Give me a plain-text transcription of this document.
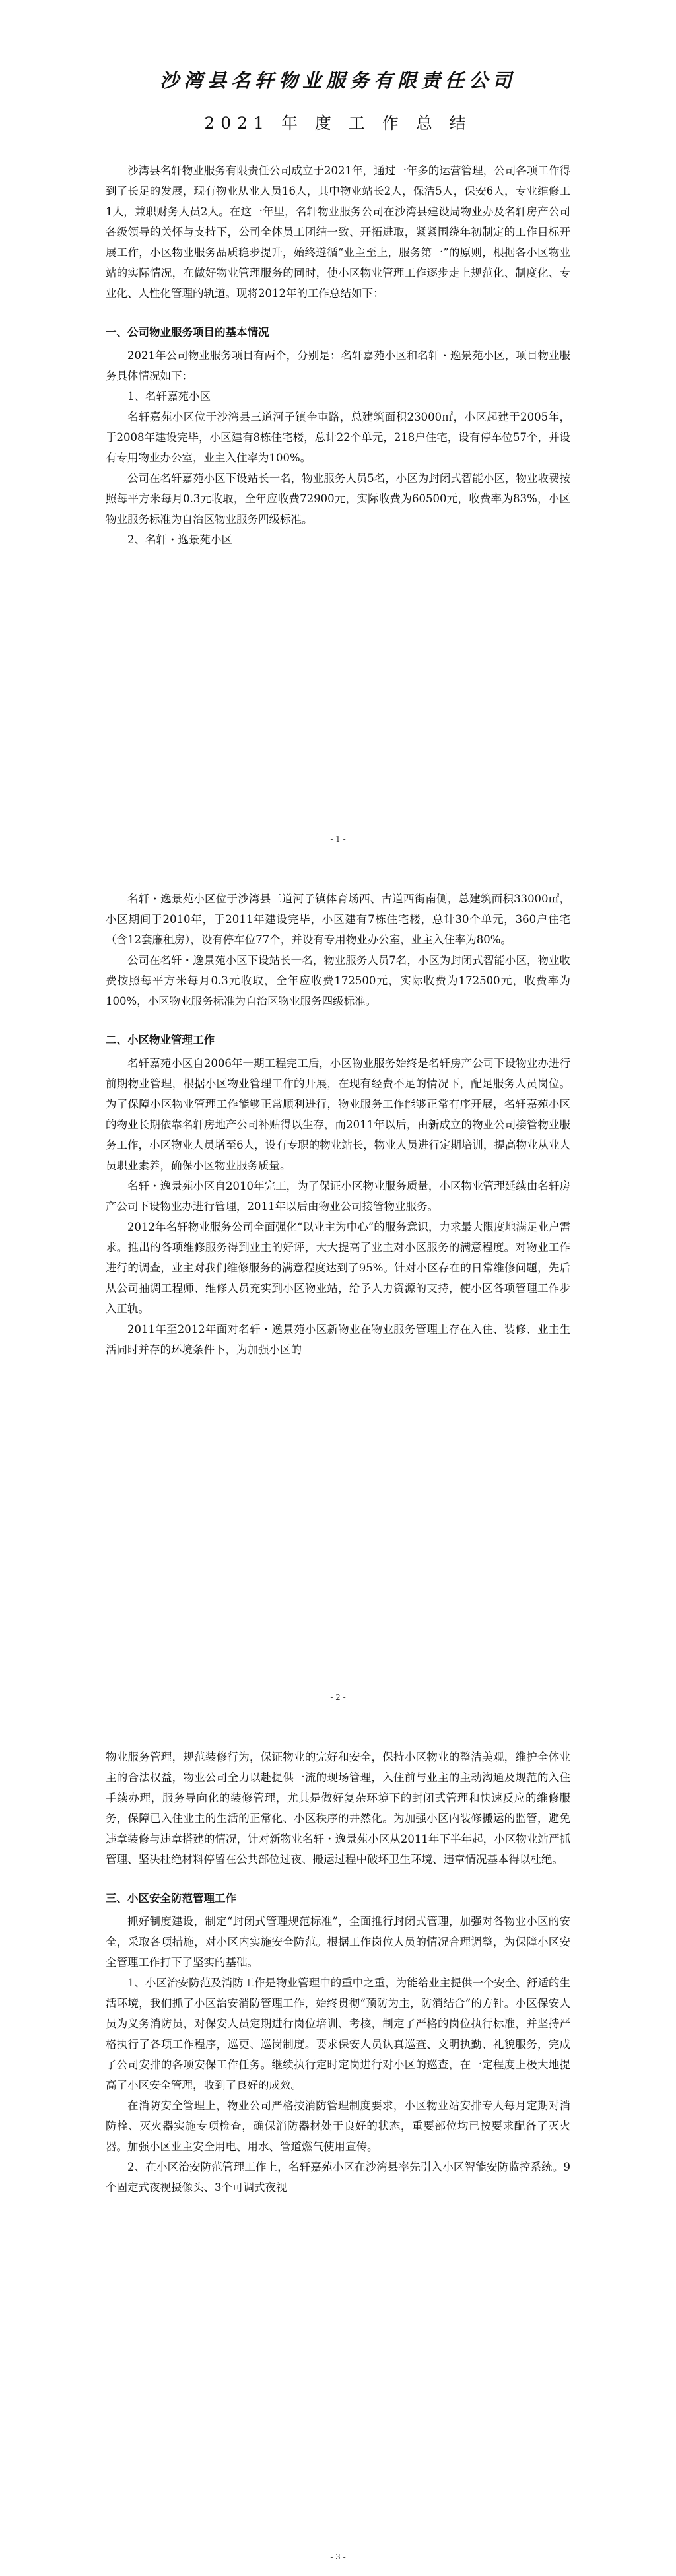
沙湾县名轩物业服务有限责任公司
2021 年 度 工 作 总 结

沙湾县名轩物业服务有限责任公司成立于2021年，通过一年多的运营管理，公司各项工作得到了长足的发展，现有物业从业人员16人，其中物业站长2人，保洁5人，保安6人，专业维修工1人，兼职财务人员2人。在这一年里，名轩物业服务公司在沙湾县建设局物业办及名轩房产公司各级领导的关怀与支持下，公司全体员工团结一致、开拓进取，紧紧围绕年初制定的工作目标开展工作，小区物业服务品质稳步提升，始终遵循“业主至上，服务第一”的原则，根据各小区物业站的实际情况，在做好物业管理服务的同时，使小区物业管理工作逐步走上规范化、制度化、专业化、人性化管理的轨道。现将2012年的工作总结如下：

一、公司物业服务项目的基本情况

2021年公司物业服务项目有两个，分别是：名轩嘉苑小区和名轩・逸景苑小区，项目物业服务具体情况如下：

1、名轩嘉苑小区

名轩嘉苑小区位于沙湾县三道河子镇奎屯路，总建筑面积23000㎡，小区起建于2005年，于2008年建设完毕，小区建有8栋住宅楼，总计22个单元，218户住宅，设有停车位57个，并设有专用物业办公室，业主入住率为100%。

公司在名轩嘉苑小区下设站长一名，物业服务人员5名，小区为封闭式智能小区，物业收费按照每平方米每月0.3元收取，全年应收费72900元，实际收费为60500元，收费率为83%，小区物业服务标准为自治区物业服务四级标准。

2、名轩・逸景苑小区

- 1 -

名轩・逸景苑小区位于沙湾县三道河子镇体育场西、古道西街南侧，总建筑面积33000㎡，小区期间于2010年，于2011年建设完毕，小区建有7栋住宅楼，总计30个单元，360户住宅（含12套廉租房），设有停车位77个，并设有专用物业办公室，业主入住率为80%。

公司在名轩・逸景苑小区下设站长一名，物业服务人员7名，小区为封闭式智能小区，物业收费按照每平方米每月0.3元收取，全年应收费172500元，实际收费为172500元，收费率为100%，小区物业服务标准为自治区物业服务四级标准。

二、小区物业管理工作

名轩嘉苑小区自2006年一期工程完工后，小区物业服务始终是名轩房产公司下设物业办进行前期物业管理，根据小区物业管理工作的开展，在现有经费不足的情况下，配足服务人员岗位。为了保障小区物业管理工作能够正常顺利进行，物业服务工作能够正常有序开展，名轩嘉苑小区的物业长期依靠名轩房地产公司补贴得以生存，而2011年以后，由新成立的物业公司接管物业服务工作，小区物业人员增至6人，设有专职的物业站长，物业人员进行定期培训，提高物业从业人员职业素养，确保小区物业服务质量。

名轩・逸景苑小区自2010年完工，为了保证小区物业服务质量，小区物业管理延续由名轩房产公司下设物业办进行管理，2011年以后由物业公司接管物业服务。

2012年名轩物业服务公司全面强化“以业主为中心”的服务意识，力求最大限度地满足业户需求。推出的各项维修服务得到业主的好评，大大提高了业主对小区服务的满意程度。对物业工作进行的调查，业主对我们维修服务的满意程度达到了95%。针对小区存在的日常维修问题，先后从公司抽调工程师、维修人员充实到小区物业站，给予人力资源的支持，使小区各项管理工作步入正轨。

2011年至2012年面对名轩・逸景苑小区新物业在物业服务管理上存在入住、装修、业主生活同时并存的环境条件下，为加强小区的

- 2 -

物业服务管理，规范装修行为，保证物业的完好和安全，保持小区物业的整洁美观，维护全体业主的合法权益，物业公司全力以赴提供一流的现场管理，入住前与业主的主动沟通及规范的入住手续办理，服务导向化的装修管理，尤其是做好复杂环境下的封闭式管理和快速反应的维修服务，保障已入住业主的生活的正常化、小区秩序的井然化。为加强小区内装修搬运的监管，避免违章装修与违章搭建的情况，针对新物业名轩・逸景苑小区从2011年下半年起，小区物业站严抓管理、坚决杜绝材料停留在公共部位过夜、搬运过程中破坏卫生环境、违章情况基本得以杜绝。

三、小区安全防范管理工作

抓好制度建设，制定“封闭式管理规范标准”，全面推行封闭式管理，加强对各物业小区的安全，采取各项措施，对小区内实施安全防范。根据工作岗位人员的情况合理调整，为保障小区安全管理工作打下了坚实的基础。

1、小区治安防范及消防工作是物业管理中的重中之重，为能给业主提供一个安全、舒适的生活环境，我们抓了小区治安消防管理工作，始终贯彻“预防为主，防消结合”的方针。小区保安人员为义务消防员，对保安人员定期进行岗位培训、考核，制定了严格的岗位执行标准，并坚持严格执行了各项工作程序，巡更、巡岗制度。要求保安人员认真巡查、文明执勤、礼貌服务，完成了公司安排的各项安保工作任务。继续执行定时定岗进行对小区的巡查，在一定程度上极大地提高了小区安全管理，收到了良好的成效。

在消防安全管理上，物业公司严格按消防管理制度要求，小区物业站安排专人每月定期对消防栓、灭火器实施专项检查，确保消防器材处于良好的状态，重要部位均已按要求配备了灭火器。加强小区业主安全用电、用水、管道燃气使用宣传。

2、在小区治安防范管理工作上，名轩嘉苑小区在沙湾县率先引入小区智能安防监控系统。9个固定式夜视摄像头、3个可调式夜视

- 3 -
